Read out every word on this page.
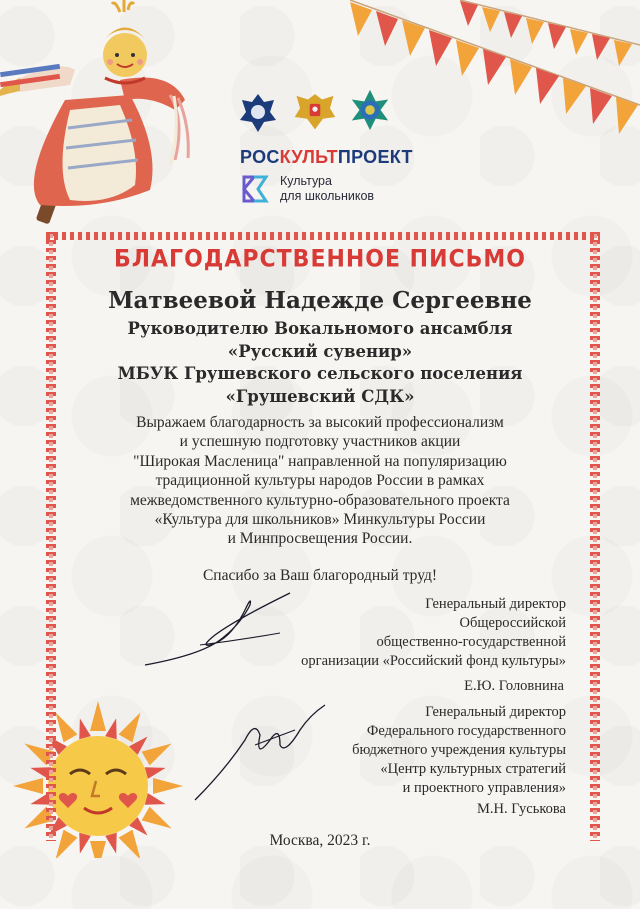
РОСКУЛЬТПРОЕКТ
Культура
для школьников
БЛАГОДАРСТВЕННОЕ ПИСЬМО
Матвеевой Надежде Сергеевне
Руководителю Вокальномого ансамбля
«Русский сувенир»
МБУК Грушевского сельского поселения
«Грушевский СДК»
Выражаем благодарность за высокий профессионализм
и успешную подготовку участников акции
"Широкая Масленица" направленной на популяризацию
традиционной культуры народов России в рамках
межведомственного культурно-образовательного проекта
«Культура для школьников» Минкультуры России
и Минпросвещения России.
Спасибо за Ваш благородный труд!
Генеральный директор
Общероссийской
общественно-государственной
организации «Российский фонд культуры»
Е.Ю. Головнина
Генеральный директор
Федерального государственного
бюджетного учреждения культуры
«Центр культурных стратегий
и проектного управления»
М.Н. Гуськова
Москва, 2023 г.
